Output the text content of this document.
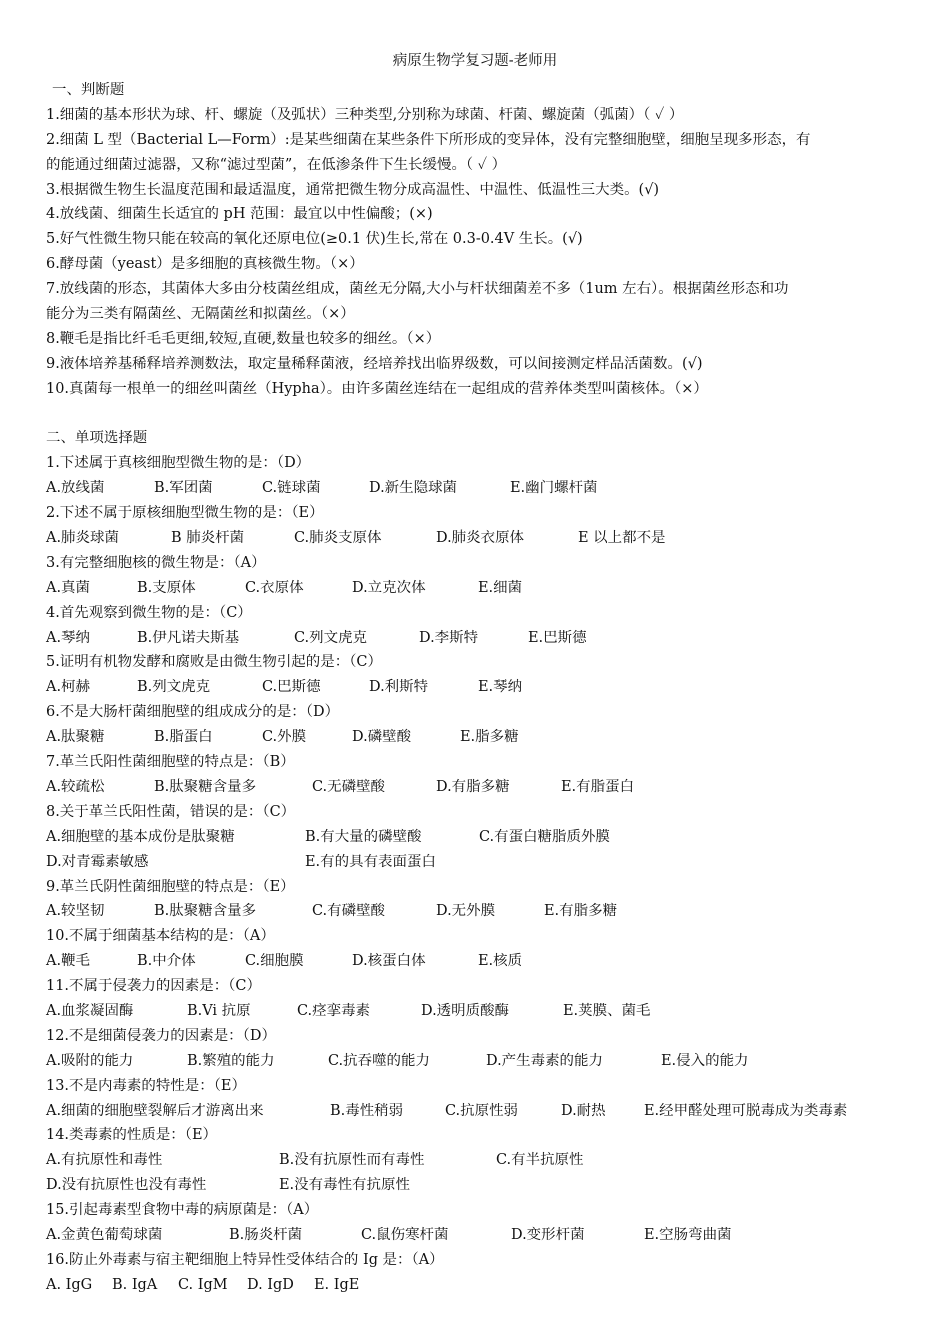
病原生物学复习题-老师用
一、判断题
1.细菌的基本形状为球、杆、螺旋（及弧状）三种类型,分别称为球菌、杆菌、螺旋菌（弧菌）（ ✓ ）
2.细菌 L 型（Bacterial L—Form）:是某些细菌在某些条件下所形成的变异体，没有完整细胞壁，细胞呈现多形态，有
的能通过细菌过滤器，又称“滤过型菌”，在低渗条件下生长缓慢。（ ✓ ）
3.根据微生物生长温度范围和最适温度，通常把微生物分成高温性、中温性、低温性三大类。(√)
4.放线菌、细菌生长适宜的 pH 范围：最宜以中性偏酸；(×)
5.好气性微生物只能在较高的氧化还原电位(≥0.1 伏)生长,常在 0.3-0.4V 生长。(√)
6.酵母菌（yeast）是多细胞的真核微生物。（×）
7.放线菌的形态，其菌体大多由分枝菌丝组成，菌丝无分隔,大小与杆状细菌差不多（1um 左右）。根据菌丝形态和功
能分为三类有隔菌丝、无隔菌丝和拟菌丝。（×）
8.鞭毛是指比纤毛毛更细,较短,直硬,数量也较多的细丝。（×）
9.液体培养基稀释培养测数法，取定量稀释菌液，经培养找出临界级数，可以间接测定样品活菌数。(√)
10.真菌每一根单一的细丝叫菌丝（Hypha）。由许多菌丝连结在一起组成的营养体类型叫菌核体。（×）
二、单项选择题
1.下述属于真核细胞型微生物的是：（D）
A.放线菌	B.军团菌	C.链球菌	D.新生隐球菌	E.幽门螺杆菌
2.下述不属于原核细胞型微生物的是：（E）
A.肺炎球菌	B 肺炎杆菌	C.肺炎支原体	D.肺炎衣原体	E 以上都不是
3.有完整细胞核的微生物是：（A）
A.真菌	B.支原体	C.衣原体	D.立克次体	E.细菌
4.首先观察到微生物的是：（C）
A.琴纳	B.伊凡诺夫斯基	C.列文虎克	D.李斯特	E.巴斯德
5.证明有机物发酵和腐败是由微生物引起的是：（C）
A.柯赫	B.列文虎克	C.巴斯德	D.利斯特	E.琴纳
6.不是大肠杆菌细胞壁的组成成分的是：（D）
A.肽聚糖	B.脂蛋白	C.外膜	D.磷壁酸	E.脂多糖
7.革兰氏阳性菌细胞壁的特点是：（B）
A.较疏松	B.肽聚糖含量多	C.无磷壁酸	D.有脂多糖	E.有脂蛋白
8.关于革兰氏阳性菌，错误的是：（C）
A.细胞壁的基本成份是肽聚糖	B.有大量的磷壁酸	C.有蛋白糖脂质外膜
D.对青霉素敏感	E.有的具有表面蛋白
9.革兰氏阴性菌细胞壁的特点是：（E）
A.较坚韧	B.肽聚糖含量多	C.有磷壁酸	D.无外膜	E.有脂多糖
10.不属于细菌基本结构的是：（A）
A.鞭毛	B.中介体	C.细胞膜	D.核蛋白体	E.核质
11.不属于侵袭力的因素是：（C）
A.血浆凝固酶	B.Vi 抗原	C.痉挛毒素	D.透明质酸酶	E.荚膜、菌毛
12.不是细菌侵袭力的因素是：（D）
A.吸附的能力	B.繁殖的能力	C.抗吞噬的能力	D.产生毒素的能力	E.侵入的能力
13.不是内毒素的特性是：（E）
A.细菌的细胞壁裂解后才游离出来	B.毒性稍弱	C.抗原性弱	D.耐热	E.经甲醛处理可脱毒成为类毒素
14.类毒素的性质是：（E）
A.有抗原性和毒性	B.没有抗原性而有毒性	C.有半抗原性
D.没有抗原性也没有毒性	E.没有毒性有抗原性
15.引起毒素型食物中毒的病原菌是：（A）
A.金黄色葡萄球菌	B.肠炎杆菌	C.鼠伤寒杆菌	D.变形杆菌	E.空肠弯曲菌
16.防止外毒素与宿主靶细胞上特异性受体结合的 Ig 是：（A）
A. IgG B. IgA C. IgM D. IgD E. IgE
